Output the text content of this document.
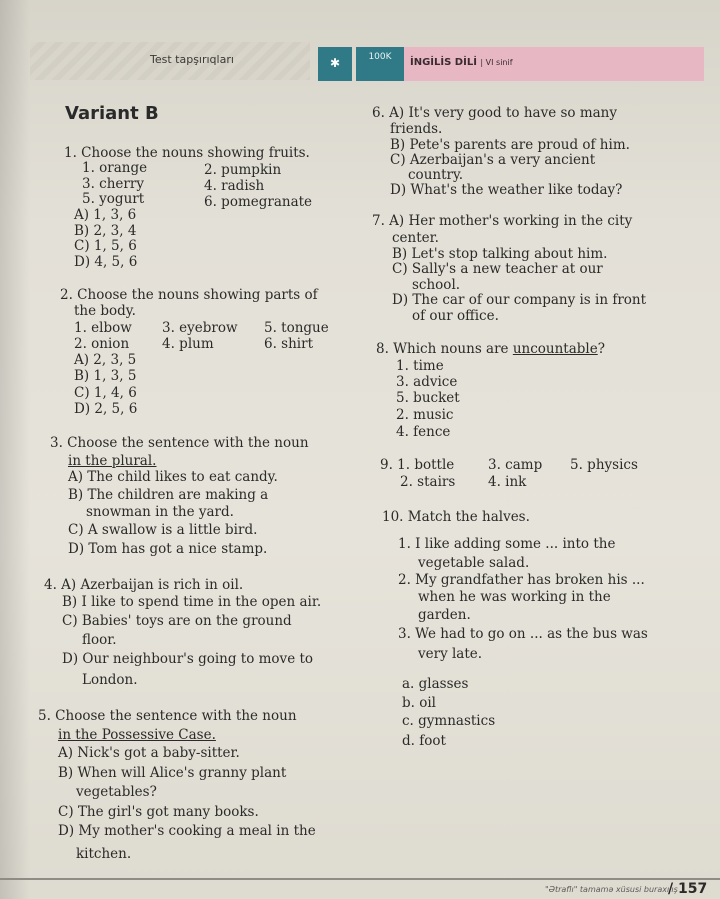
Test tapşırıqları	✱	100K	İNGİLİS DİLİ | VI sinif
Variant B
1. Choose the nouns showing fruits.
1. orange	2. pumpkin
3. cherry	4. radish
5. yogurt	6. pomegranate
A) 1, 3, 6
B) 2, 3, 4
C) 1, 5, 6
D) 4, 5, 6
2. Choose the nouns showing parts of
the body.
1. elbow 3. eyebrow 5. tongue
2. onion 4. plum	6. shirt
A) 2, 3, 5
B) 1, 3, 5
C) 1, 4, 6
D) 2, 5, 6
3. Choose the sentence with the noun
in the plural.
A) The child likes to eat candy.
B) The children are making a
snowman in the yard.
C) A swallow is a little bird.
D) Tom has got a nice stamp.
4. A) Azerbaijan is rich in oil.
B) I like to spend time in the open air.
C) Babies' toys are on the ground
floor.
D) Our neighbour's going to move to
London.
5. Choose the sentence with the noun
in the Possessive Case.
A) Nick's got a baby-sitter.
B) When will Alice's granny plant
vegetables?
C) The girl's got many books.
D) My mother's cooking a meal in the
kitchen.
6. A) It's very good to have so many
friends.
B) Pete's parents are proud of him.
C) Azerbaijan's a very ancient
country.
D) What's the weather like today?
7. A) Her mother's working in the city
center.
B) Let's stop talking about him.
C) Sally's a new teacher at our
school.
D) The car of our company is in front
of our office.
8. Which nouns are uncountable?
1. time
3. advice
5. bucket
2. music
4. fence
9. 1. bottle 3. camp 5. physics
2. stairs 4. ink
10. Match the halves.
1. I like adding some ... into the
vegetable salad.
2. My grandfather has broken his ...
when he was working in the
garden.
3. We had to go on ... as the bus was
very late.
a. glasses
b. oil
c. gymnastics
d. foot
"Ətraflı" tamamə xüsusi buraxılış
/ 157
